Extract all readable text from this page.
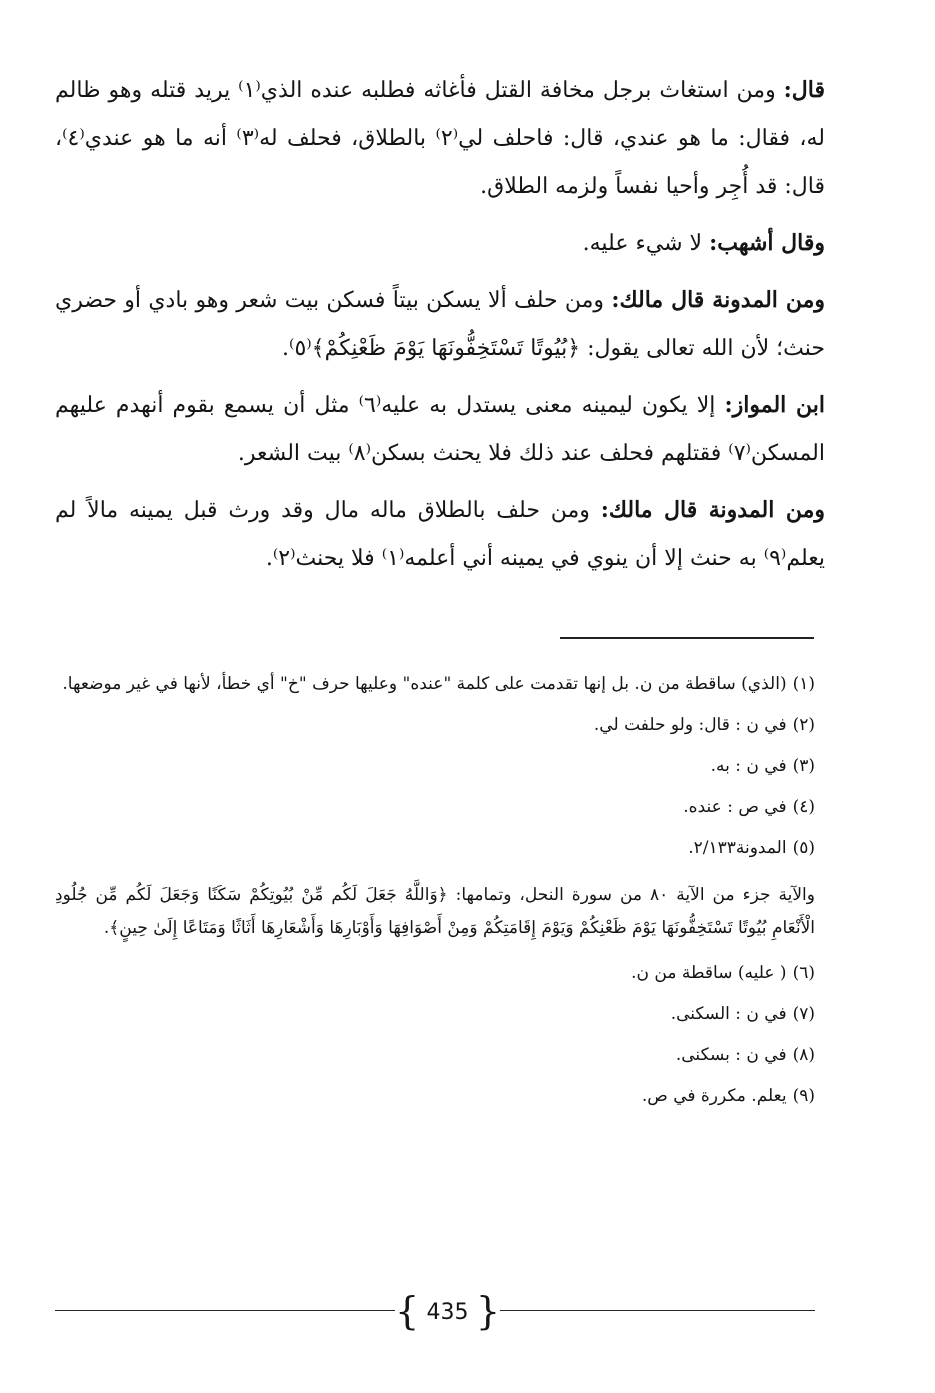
قال: ومن استغاث برجل مخافة القتل فأغاثه فطلبه عنده الذي⁽١⁾ يريد قتله وهو ظالم له، فقال: ما هو عندي، قال: فاحلف لي⁽٢⁾ بالطلاق، فحلف له⁽٣⁾ أنه ما هو عندي⁽٤⁾، قال: قد أُجِر وأحيا نفساً ولزمه الطلاق.

وقال أشهب: لا شيء عليه.

ومن المدونة قال مالك: ومن حلف ألا يسكن بيتاً فسكن بيت شعر وهو بادي أو حضري حنث؛ لأن الله تعالى يقول: ﴿بُيُوتًا تَسْتَخِفُّونَهَا يَوْمَ ظَعْنِكُمْ﴾⁽٥⁾.

ابن المواز: إلا يكون ليمينه معنى يستدل به عليه⁽٦⁾ مثل أن يسمع بقوم أنهدم عليهم المسكن⁽٧⁾ فقتلهم فحلف عند ذلك فلا يحنث بسكن⁽٨⁾ بيت الشعر.

ومن المدونة قال مالك: ومن حلف بالطلاق ماله مال وقد ورث قبل يمينه مالاً لم يعلم⁽٩⁾ به حنث إلا أن ينوي في يمينه أني أعلمه⁽١⁾ فلا يحنث⁽٢⁾.

(١)(الذي) ساقطة من ن. بل إنها تقدمت على كلمة "عنده" وعليها حرف "خ" أي خطأ، لأنها في غير موضعها.

(٢)في ن : قال: ولو حلفت لي.

(٣)في ن : به.

(٤)في ص : عنده.

(٥)المدونة٢/١٣٣.

والآية جزء من الآية ٨٠ من سورة النحل، وتمامها: ﴿وَاللَّهُ جَعَلَ لَكُم مِّنْ بُيُوتِكُمْ سَكَنًا وَجَعَلَ لَكُم مِّن جُلُودِ الْأَنْعَامِ بُيُوتًا تَسْتَخِفُّونَهَا يَوْمَ ظَعْنِكُمْ وَيَوْمَ إِقَامَتِكُمْ وَمِنْ أَصْوَافِهَا وَأَوْبَارِهَا وَأَشْعَارِهَا أَثَاثًا وَمَتَاعًا إِلَىٰ حِينٍ﴾.

(٦)( عليه) ساقطة من ن.

(٧)في ن : السكنى.

(٨)في ن : بسكنى.

(٩)يعلم. مكررة في ص.

{ 435 }
